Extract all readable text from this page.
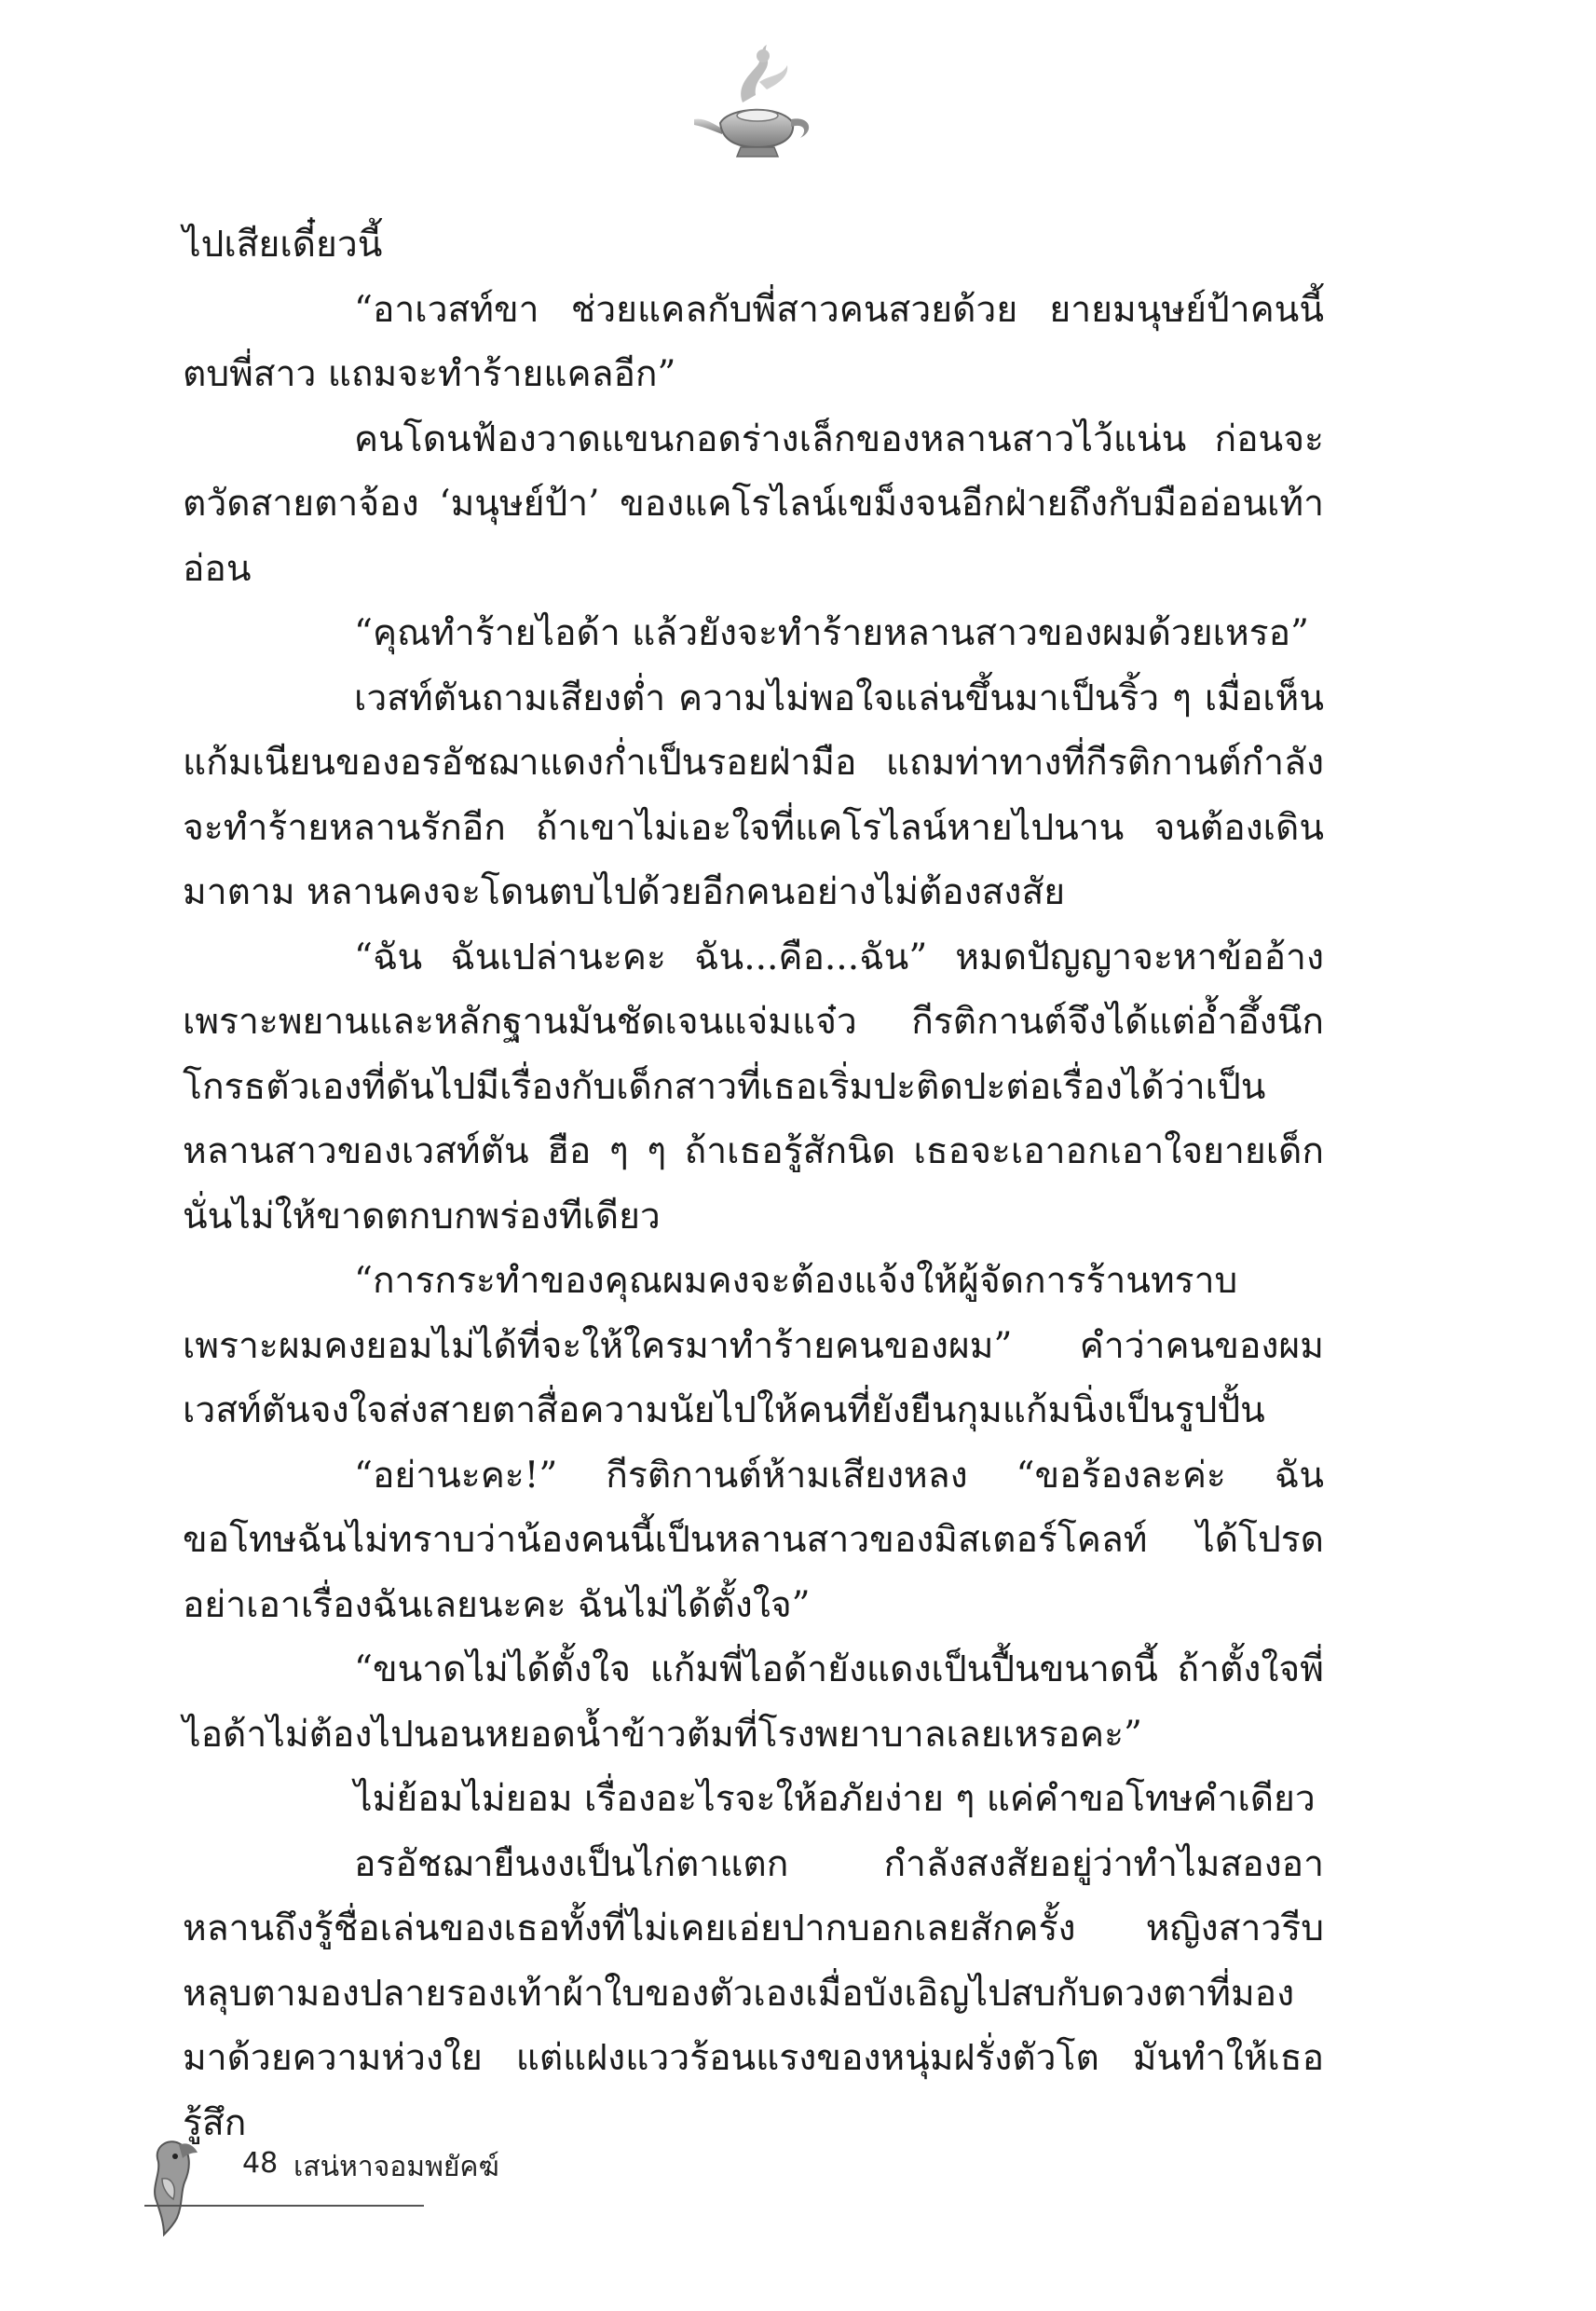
ไปเสียเดี๋ยวนี้

“อาเวสท์ขา ช่วยแคลกับพี่สาวคนสวยด้วย ยายมนุษย์ป้าคนนี้ตบพี่สาว แถมจะทำร้ายแคลอีก”

คนโดนฟ้องวาดแขนกอดร่างเล็กของหลานสาวไว้แน่น ก่อนจะตวัดสายตาจ้อง ‘มนุษย์ป้า’ ของแคโรไลน์เขม็งจนอีกฝ่ายถึงกับมืออ่อนเท้าอ่อน

“คุณทำร้ายไอด้า แล้วยังจะทำร้ายหลานสาวของผมด้วยเหรอ”

เวสท์ตันถามเสียงต่ำ ความไม่พอใจแล่นขึ้นมาเป็นริ้ว ๆ เมื่อเห็นแก้มเนียนของอรอัชฌาแดงก่ำเป็นรอยฝ่ามือ แถมท่าทางที่กีรติกานต์กำลังจะทำร้ายหลานรักอีก ถ้าเขาไม่เอะใจที่แคโรไลน์หายไปนาน จนต้องเดินมาตาม หลานคงจะโดนตบไปด้วยอีกคนอย่างไม่ต้องสงสัย

“ฉัน ฉันเปล่านะคะ ฉัน...คือ...ฉัน” หมดปัญญาจะหาข้ออ้างเพราะพยานและหลักฐานมันชัดเจนแจ่มแจ๋ว กีรติกานต์จึงได้แต่อ้ำอึ้งนึกโกรธตัวเองที่ดันไปมีเรื่องกับเด็กสาวที่เธอเริ่มปะติดปะต่อเรื่องได้ว่าเป็นหลานสาวของเวสท์ตัน ฮือ ๆ ๆ ถ้าเธอรู้สักนิด เธอจะเอาอกเอาใจยายเด็กนั่นไม่ให้ขาดตกบกพร่องทีเดียว

“การกระทำของคุณผมคงจะต้องแจ้งให้ผู้จัดการร้านทราบเพราะผมคงยอมไม่ได้ที่จะให้ใครมาทำร้ายคนของผม” คำว่าคนของผมเวสท์ตันจงใจส่งสายตาสื่อความนัยไปให้คนที่ยังยืนกุมแก้มนิ่งเป็นรูปปั้น

“อย่านะคะ!” กีรติกานต์ห้ามเสียงหลง “ขอร้องละค่ะ ฉันขอโทษฉันไม่ทราบว่าน้องคนนี้เป็นหลานสาวของมิสเตอร์โคลท์ ได้โปรดอย่าเอาเรื่องฉันเลยนะคะ ฉันไม่ได้ตั้งใจ”

“ขนาดไม่ได้ตั้งใจ แก้มพี่ไอด้ายังแดงเป็นปื้นขนาดนี้ ถ้าตั้งใจพี่ไอด้าไม่ต้องไปนอนหยอดน้ำข้าวต้มที่โรงพยาบาลเลยเหรอคะ”

ไม่ย้อมไม่ยอม เรื่องอะไรจะให้อภัยง่าย ๆ แค่คำขอโทษคำเดียว

อรอัชฌายืนงงเป็นไก่ตาแตก กำลังสงสัยอยู่ว่าทำไมสองอาหลานถึงรู้ชื่อเล่นของเธอทั้งที่ไม่เคยเอ่ยปากบอกเลยสักครั้ง หญิงสาวรีบหลุบตามองปลายรองเท้าผ้าใบของตัวเองเมื่อบังเอิญไปสบกับดวงตาที่มองมาด้วยความห่วงใย แต่แฝงแววร้อนแรงของหนุ่มฝรั่งตัวโต มันทำให้เธอรู้สึก

48 เสน่หาจอมพยัคฆ์
